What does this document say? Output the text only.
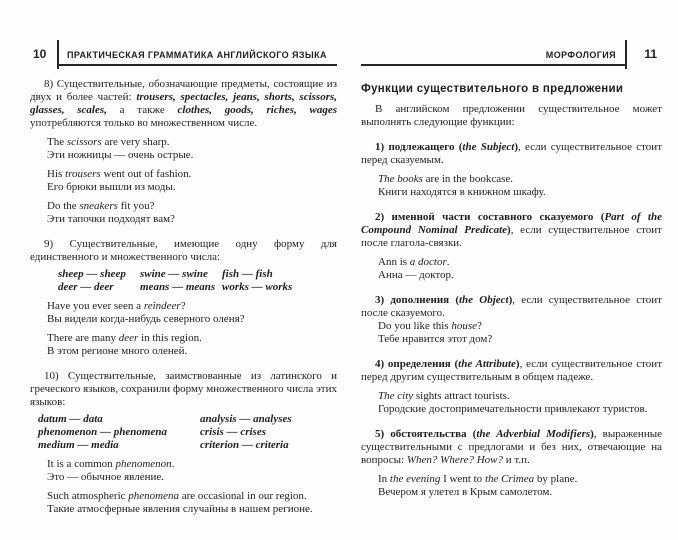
10 ПРАКТИЧЕСКАЯ ГРАММАТИКА АНГЛИЙСКОГО ЯЗЫКА
8) Существительные, обозначающие предметы, состоящие из двух и более частей: trousers, spectacles, jeans, shorts, scissors, glasses, scales, а также clothes, goods, riches, wages употребляются только во множественном числе.
The scissors are very sharp.
Эти ножницы — очень острые.
His trousers went out of fashion.
Его брюки вышли из моды.
Do the sneakers fit you?
Эти тапочки подходят вам?
9) Существительные, имеющие одну форму для единственного и множественного числа:
sheep — sheep	swine — swine	fish — fish
deer — deer	means — means works — works
Have you ever seen a reindeer?
Вы видели когда-нибудь северного оленя?
There are many deer in this region.
В этом регионе много оленей.
10) Существительные, заимствованные из латинского и греческого языков, сохранили форму множественного числа этих языков:
datum — data	analysis — analyses
phenomenon — phenomena	crisis — crises
medium — media	criterion — criteria
It is a common phenomenon.
Это — обычное явление.
Such atmospheric phenomena are occasional in our region.
Такие атмосферные явления случайны в нашем регионе.
МОРФОЛОГИЯ 11
Функции существительного в предложении
В английском предложении существительное может выполнять следующие функции:
1) подлежащего (the Subject), если существительное стоит перед сказуемым.
The books are in the bookcase.
Книги находятся в книжном шкафу.
2) именной части составного сказуемого (Part of the Compound Nominal Predicate), если существительное стоит после глагола-связки.
Ann is a doctor.
Анна — доктор.
3) дополнения (the Object), если существительное стоит после сказуемого.
Do you like this house?
Тебе нравится этот дом?
4) определения (the Attribute), если существительное стоит перед другим существительным в общем падеже.
The city sights attract tourists.
Городские достопримечательности привлекают туристов.
5) обстоятельства (the Adverbial Modifiers), выраженные существительными с предлогами и без них, отвечающие на вопросы: When? Where? How? и т.п.
In the evening I went to the Crimea by plane.
Вечером я улетел в Крым самолетом.
